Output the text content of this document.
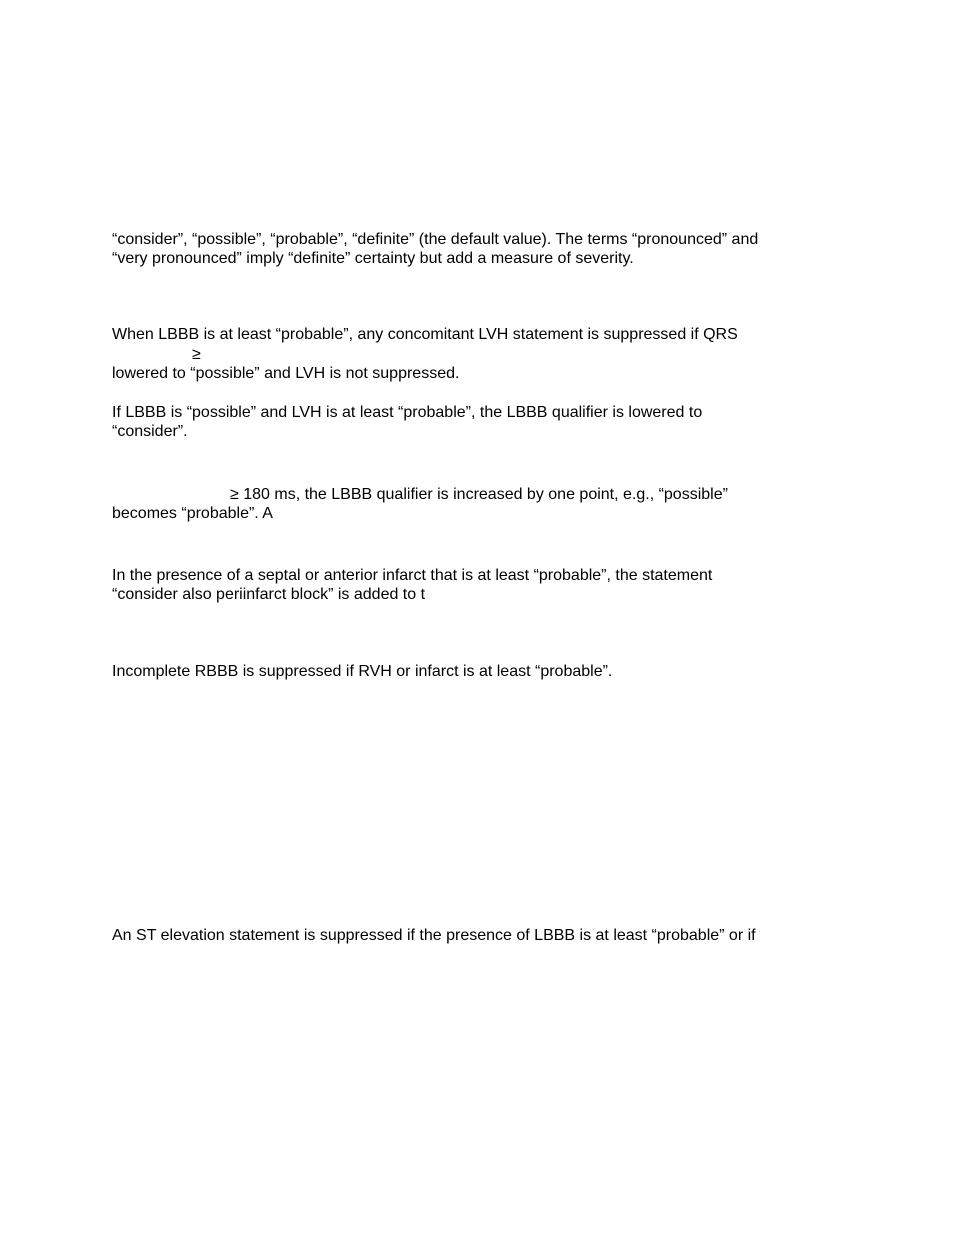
“consider”, “possible”, “probable”, “definite” (the default value). The terms “pronounced” and

“very pronounced” imply “definite” certainty but add a measure of severity.

When LBBB is at least “probable”, any concomitant LVH statement is suppressed if QRS

≥

lowered to “possible” and LVH is not suppressed.

If LBBB is “possible” and LVH is at least “probable”, the LBBB qualifier is lowered to

“consider”.

≥ 180 ms, the LBBB qualifier is increased by one point, e.g., “possible”

becomes “probable”. A

In the presence of a septal or anterior infarct that is at least “probable”, the statement

“consider also periinfarct block” is added to t

Incomplete RBBB is suppressed if RVH or infarct is at least “probable”.

An ST elevation statement is suppressed if the presence of LBBB is at least “probable” or if
